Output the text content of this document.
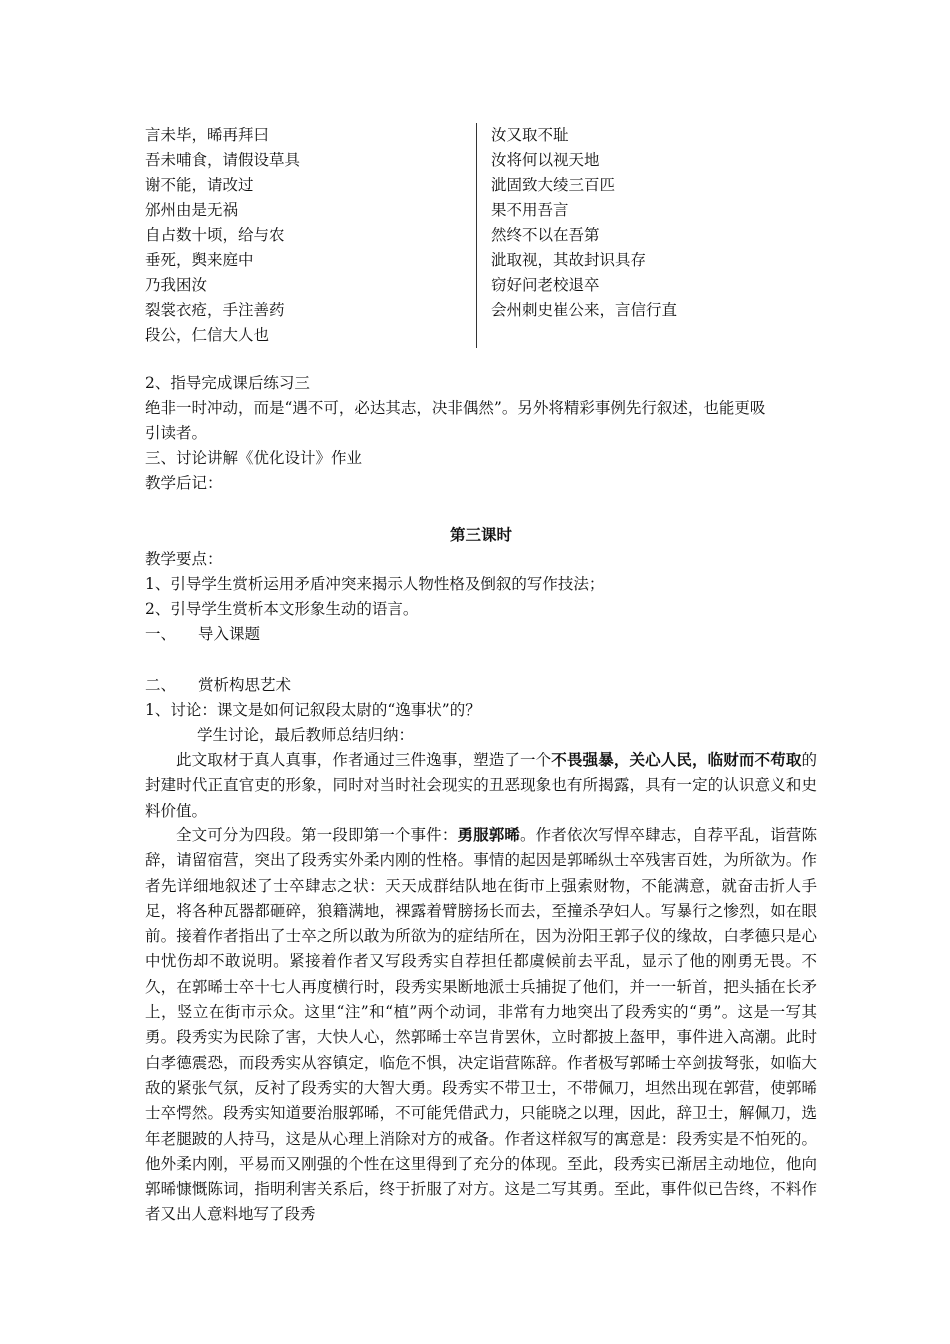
言未毕，晞再拜曰
吾未哺食，请假设草具
谢不能，请改过
邠州由是无祸
自占数十顷，给与农
垂死，舆来庭中
乃我困汝
裂裳衣疮，手注善药
段公，仁信大人也
汝又取不耻
汝将何以视天地
泚固致大绫三百匹
果不用吾言
然终不以在吾第
泚取视，其故封识具存
窃好问老校退卒
会州刺史崔公来，言信行直
2、指导完成课后练习三
绝非一时冲动，而是“遇不可，必达其志，决非偶然”。另外将精彩事例先行叙述，也能更吸
引读者。
三、讨论讲解《优化设计》作业
教学后记：
第三课时
教学要点：
1、引导学生赏析运用矛盾冲突来揭示人物性格及倒叙的写作技法；
2、引导学生赏析本文形象生动的语言。
一、 导入课题
二、 赏析构思艺术
1、讨论：课文是如何记叙段太尉的“逸事状”的？
学生讨论，最后教师总结归纳：
此文取材于真人真事，作者通过三件逸事，塑造了一个不畏强暴，关心人民，临财而不苟取的封建时代正直官吏的形象，同时对当时社会现实的丑恶现象也有所揭露，具有一定的认识意义和史料价值。
全文可分为四段。第一段即第一个事件：勇服郭晞。作者依次写悍卒肆志，自荐平乱，诣营陈辞，请留宿营，突出了段秀实外柔内刚的性格。事情的起因是郭晞纵士卒残害百姓，为所欲为。作者先详细地叙述了士卒肆志之状：天天成群结队地在街市上强索财物，不能满意，就奋击折人手足，将各种瓦器都砸碎，狼籍满地，裸露着臂膀扬长而去，至撞杀孕妇人。写暴行之惨烈，如在眼前。接着作者指出了士卒之所以敢为所欲为的症结所在，因为汾阳王郭子仪的缘故，白孝德只是心中忧伤却不敢说明。紧接着作者又写段秀实自荐担任都虞候前去平乱，显示了他的刚勇无畏。不久，在郭晞士卒十七人再度横行时，段秀实果断地派士兵捕捉了他们，并一一斩首，把头插在长矛上，竖立在街市示众。这里“注”和“植”两个动词，非常有力地突出了段秀实的“勇”。这是一写其勇。段秀实为民除了害，大快人心，然郭晞士卒岂肯罢休，立时都披上盔甲，事件进入高潮。此时白孝德震恐，而段秀实从容镇定，临危不惧，决定诣营陈辞。作者极写郭晞士卒剑拔弩张，如临大敌的紧张气氛，反衬了段秀实的大智大勇。段秀实不带卫士，不带佩刀，坦然出现在郭营，使郭晞士卒愕然。段秀实知道要治服郭晞，不可能凭借武力，只能晓之以理，因此，辞卫士，解佩刀，选年老腿跛的人持马，这是从心理上消除对方的戒备。作者这样叙写的寓意是：段秀实是不怕死的。他外柔内刚，平易而又刚强的个性在这里得到了充分的体现。至此，段秀实已渐居主动地位，他向郭晞慷慨陈词，指明利害关系后，终于折服了对方。这是二写其勇。至此，事件似已告终，不料作者又出人意料地写了段秀
